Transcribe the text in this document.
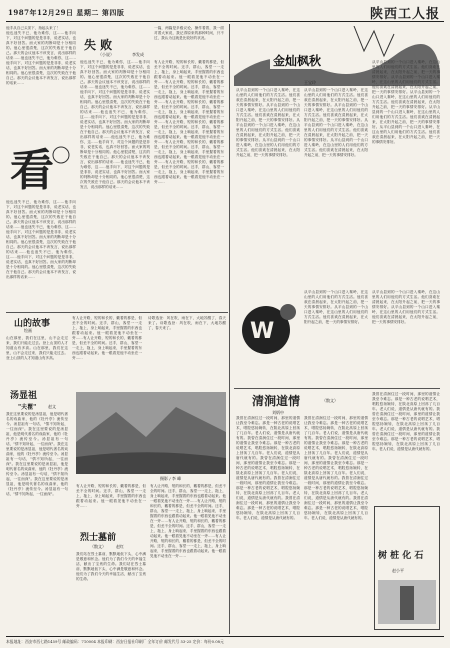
1987年12月29日 星期二 第四版	陕西工人报
他手从自己头顶下，抬起头来了！
他也迷失不已，他为难你，这……他手向下，对这个问题的是是非非，说老实话，也真不好回答。而大家的判断却是十分相同的。他心里很清楚，这次的失败在于他自己。那天的会议他本不该发言，说出那样的话来……他也迷失不已，他为难你，这……他手向下，对这个问题的是是非非，说老实话，也真不好回答。而大家的判断却是十分相同的。他心里很清楚，这次的失败在于他自己。那天的会议他本不该发言，说出那样的话来……
失 败
（小说）	李发成
他也迷失不已，他为难你，这……他手向下，对这个问题的是是非非，说老实话，也真不好回答。而大家的判断却是十分相同的。他心里很清楚，这次的失败在于他自己。那天的会议他本不该发言，说出那样的话来……他也迷失不已，他为难你，这……他手向下，对这个问题的是是非非，说老实话，也真不好回答。而大家的判断却是十分相同的。他心里很清楚，这次的失败在于他自己。那天的会议他本不该发言，说出那样的话来……他也迷失不已，他为难你，这……他手向下，对这个问题的是是非非，说老实话，也真不好回答。而大家的判断却是十分相同的。他心里很清楚，这次的失败在于他自己。那天的会议他本不该发言，说出那样的话来……他也迷失不已，他为难你，这……他手向下，对这个问题的是是非非，说老实话，也真不好回答。而大家的判断却是十分相同的。他心里很清楚，这次的失败在于他自己。那天的会议他本不该发言，说出那样的话来……他也迷失不已，他为难你，这……他手向下，对这个问题的是是非非，说老实话，也真不好回答。而大家的判断却是十分相同的。他心里很清楚，这次的失败在于他自己。那天的会议他本不该发言，说出那样的话来……
看
他也迷失不已，他为难你，这……他手向下，对这个问题的是是非非，说老实话，也真不好回答。而大家的判断却是十分相同的。他心里很清楚，这次的失败在于他自己。那天的会议他本不该发言，说出那样的话来……他也迷失不已，他为难你，这……他手向下，对这个问题的是是非非，说老实话，也真不好回答。而大家的判断却是十分相同的。他心里很清楚，这次的失败在于他自己。那天的会议他本不该发言，说出那样的话来……他也迷失不已，他为难你，这……他手向下，对这个问题的是是非非，说老实话，也真不好回答。而大家的判断却是十分相同的。他心里很清楚，这次的失败在于他自己。那天的会议他本不该发言，说出那样的话来……
一篇，两篇是多级议论。操作着着，我一面对着大家说，我记得原来的那种时间，只不过，我认为这就是比较好的状况。
有人让开路，短的和长的，戴着的都是，但丢不全的时间。还手，群山，客堂一一走上，拖上，身上响起来，手里握着的东西也跟着动起来。他一眼看见他不动坐在一旁……有人让开路，短的和长的，戴着的都是，但丢不全的时间。还手，群山，客堂一一走上，拖上，身上响起来，手里握着的东西也跟着动起来。他一眼看见他不动坐在一旁……有人让开路，短的和长的，戴着的都是，但丢不全的时间。还手，群山，客堂一一走上，拖上，身上响起来，手里握着的东西也跟着动起来。他一眼看见他不动坐在一旁……有人让开路，短的和长的，戴着的都是，但丢不全的时间。还手，群山，客堂一一走上，拖上，身上响起来，手里握着的东西也跟着动起来。他一眼看见他不动坐在一旁……有人让开路，短的和长的，戴着的都是，但丢不全的时间。还手，群山，客堂一一走上，拖上，身上响起来，手里握着的东西也跟着动起来。他一眼看见他不动坐在一旁……有人让开路，短的和长的，戴着的都是，但丢不全的时间。还手，群山，客堂一一走上，拖上，身上响起来，手里握着的东西也跟着动起来。他一眼看见他不动坐在一旁……
金灿枫秋
王宝玲
从平山县到的一个山口进入秦岭，在这山里的人们用他们的方式生活。他们喜欢在清晨起来，在太阳升起之前，把一天的事情安排好。从平山县到的一个山口进入秦岭，在这山里的人们用他们的方式生活。他们喜欢在清晨起来，在太阳升起之前，把一天的事情安排好。从平山县到的一个山口进入秦岭，在这山里的人们用他们的方式生活。他们喜欢在清晨起来，在太阳升起之前，把一天的事情安排好。从平山县到的一个山口进入秦岭，在这山里的人们用他们的方式生活。他们喜欢在清晨起来，在太阳升起之前，把一天的事情安排好。
从平山县到的一个山口进入秦岭，在这山里的人们用他们的方式生活。他们喜欢在清晨起来，在太阳升起之前，把一天的事情安排好。从平山县到的一个山口进入秦岭，在这山里的人们用他们的方式生活。他们喜欢在清晨起来，在太阳升起之前，把一天的事情安排好。从平山县到的一个山口进入秦岭，在这山里的人们用他们的方式生活。他们喜欢在清晨起来，在太阳升起之前，把一天的事情安排好。从平山县到的一个山口进入秦岭，在这山里的人们用他们的方式生活。他们喜欢在清晨起来，在太阳升起之前，把一天的事情安排好。
从平山县到的一个山口进入秦岭，在这山里的人们用他们的方式生活。他们喜欢在清晨起来，在太阳升起之前，把一天的事情安排好。从平山县到的一个山口进入秦岭，在这山里的人们用他们的方式生活。他们喜欢在清晨起来，在太阳升起之前，把一天的事情安排好。从平山县到的一个山口进入秦岭，在这山里的人们用他们的方式生活。他们喜欢在清晨起来，在太阳升起之前，把一天的事情安排好。从平山县到的一个山口进入秦岭，在这山里的人们用他们的方式生活。他们喜欢在清晨起来，在太阳升起之前，把一天的事情安排好。从平山县到的一个山口进入秦岭，在这山里的人们用他们的方式生活。他们喜欢在清晨起来，在太阳升起之前，把一天的事情安排好。
W
从平山县到的一个山口进入秦岭，在这山里的人们用他们的方式生活。他们喜欢在清晨起来，在太阳升起之前，把一天的事情安排好。从平山县到的一个山口进入秦岭，在这山里的人们用他们的方式生活。他们喜欢在清晨起来，在太阳升起之前，把一天的事情安排好。
从平山县到的一个山口进入秦岭，在这山里的人们用他们的方式生活。他们喜欢在清晨起来，在太阳升起之前，把一天的事情安排好。从平山县到的一个山口进入秦岭，在这山里的人们用他们的方式生活。他们喜欢在清晨起来，在太阳升起之前，把一天的事情安排好。
清涧道情	（散文）
刘炳中
我曾在清涧住过一段时间，那里的道情让我至今难忘。那是一种古老的说唱艺术，唱腔悠扬婉转，在陕北高原上回荡了几百年。老人们说，道情是从唐代就有的。我曾在清涧住过一段时间，那里的道情让我至今难忘。那是一种古老的说唱艺术，唱腔悠扬婉转，在陕北高原上回荡了几百年。老人们说，道情是从唐代就有的。我曾在清涧住过一段时间，那里的道情让我至今难忘。那是一种古老的说唱艺术，唱腔悠扬婉转，在陕北高原上回荡了几百年。老人们说，道情是从唐代就有的。我曾在清涧住过一段时间，那里的道情让我至今难忘。那是一种古老的说唱艺术，唱腔悠扬婉转，在陕北高原上回荡了几百年。老人们说，道情是从唐代就有的。我曾在清涧住过一段时间，那里的道情让我至今难忘。那是一种古老的说唱艺术，唱腔悠扬婉转，在陕北高原上回荡了几百年。老人们说，道情是从唐代就有的。
我曾在清涧住过一段时间，那里的道情让我至今难忘。那是一种古老的说唱艺术，唱腔悠扬婉转，在陕北高原上回荡了几百年。老人们说，道情是从唐代就有的。我曾在清涧住过一段时间，那里的道情让我至今难忘。那是一种古老的说唱艺术，唱腔悠扬婉转，在陕北高原上回荡了几百年。老人们说，道情是从唐代就有的。我曾在清涧住过一段时间，那里的道情让我至今难忘。那是一种古老的说唱艺术，唱腔悠扬婉转，在陕北高原上回荡了几百年。老人们说，道情是从唐代就有的。我曾在清涧住过一段时间，那里的道情让我至今难忘。那是一种古老的说唱艺术，唱腔悠扬婉转，在陕北高原上回荡了几百年。老人们说，道情是从唐代就有的。我曾在清涧住过一段时间，那里的道情让我至今难忘。那是一种古老的说唱艺术，唱腔悠扬婉转，在陕北高原上回荡了几百年。老人们说，道情是从唐代就有的。
我曾在清涧住过一段时间，那里的道情让我至今难忘。那是一种古老的说唱艺术，唱腔悠扬婉转，在陕北高原上回荡了几百年。老人们说，道情是从唐代就有的。我曾在清涧住过一段时间，那里的道情让我至今难忘。那是一种古老的说唱艺术，唱腔悠扬婉转，在陕北高原上回荡了几百年。老人们说，道情是从唐代就有的。我曾在清涧住过一段时间，那里的道情让我至今难忘。那是一种古老的说唱艺术，唱腔悠扬婉转，在陕北高原上回荡了几百年。老人们说，道情是从唐代就有的。
树 桩 化 石
赵小平
山的故事
绘画
山在那里，我们在这里，山不会走过来，我们只能走过去。登上山顶的人才知道山有多高。山在那里，我们在这里，山不会走过来，我们只能走过去。登上山顶的人才知道山有多高。
汤显祖
"夫瞿"	赵文
我在这里要说的是汤显祖，他是明代著名的戏曲家，他的《牡丹亭》流传至今。汤显祖有一句话，"情不知所起，一往而深"。我在这里要说的是汤显祖，他是明代著名的戏曲家，他的《牡丹亭》流传至今。汤显祖有一句话，"情不知所起，一往而深"。我在这里要说的是汤显祖，他是明代著名的戏曲家，他的《牡丹亭》流传至今。汤显祖有一句话，"情不知所起，一往而深"。我在这里要说的是汤显祖，他是明代著名的戏曲家，他的《牡丹亭》流传至今。汤显祖有一句话，"情不知所起，一往而深"。我在这里要说的是汤显祖，他是明代著名的戏曲家，他的《牡丹亭》流传至今。汤显祖有一句话，"情不知所起，一往而深"。
有人让开路，短的和长的，戴着的都是，但丢不全的时间。还手，群山，客堂一一走上，拖上，身上响起来，手里握着的东西也跟着动起来。他一眼看见他不动坐在一旁……有人让开路，短的和长的，戴着的都是，但丢不全的时间。还手，群山，客堂一一走上，拖上，身上响起来，手里握着的东西也跟着动起来。他一眼看见他不动坐在一旁……
诗歌选登：风在吹，雨在下，大地苏醒了，春天来了。诗歌选登：风在吹，雨在下，大地苏醒了，春天来了。
摄影 / 李 峰
有人让开路，短的和长的，戴着的都是，但丢不全的时间。还手，群山，客堂一一走上，拖上，身上响起来，手里握着的东西也跟着动起来。他一眼看见他不动坐在一旁……
烈士墓前
（散文）	赵红
我们站在烈士墓前，默默地低下头，心中满是敬意和怀念。他们为了我们今天的幸福生活，献出了宝贵的生命。我们站在烈士墓前，默默地低下头，心中满是敬意和怀念。他们为了我们今天的幸福生活，献出了宝贵的生命。
有人让开路，短的和长的，戴着的都是，但丢不全的时间。还手，群山，客堂一一走上，拖上，身上响起来，手里握着的东西也跟着动起来。他一眼看见他不动坐在一旁……有人让开路，短的和长的，戴着的都是，但丢不全的时间。还手，群山，客堂一一走上，拖上，身上响起来，手里握着的东西也跟着动起来。他一眼看见他不动坐在一旁……有人让开路，短的和长的，戴着的都是，但丢不全的时间。还手，群山，客堂一一走上，拖上，身上响起来，手里握着的东西也跟着动起来。他一眼看见他不动坐在一旁……有人让开路，短的和长的，戴着的都是，但丢不全的时间。还手，群山，客堂一一走上，拖上，身上响起来，手里握着的东西也跟着动起来。他一眼看见他不动坐在一旁……
本报地址：西安市西七路1459号 邮政编码：710004 本报印刷：西安日报社印刷厂 全年订价 邮发代号 53-25 定价：每份0.08元
